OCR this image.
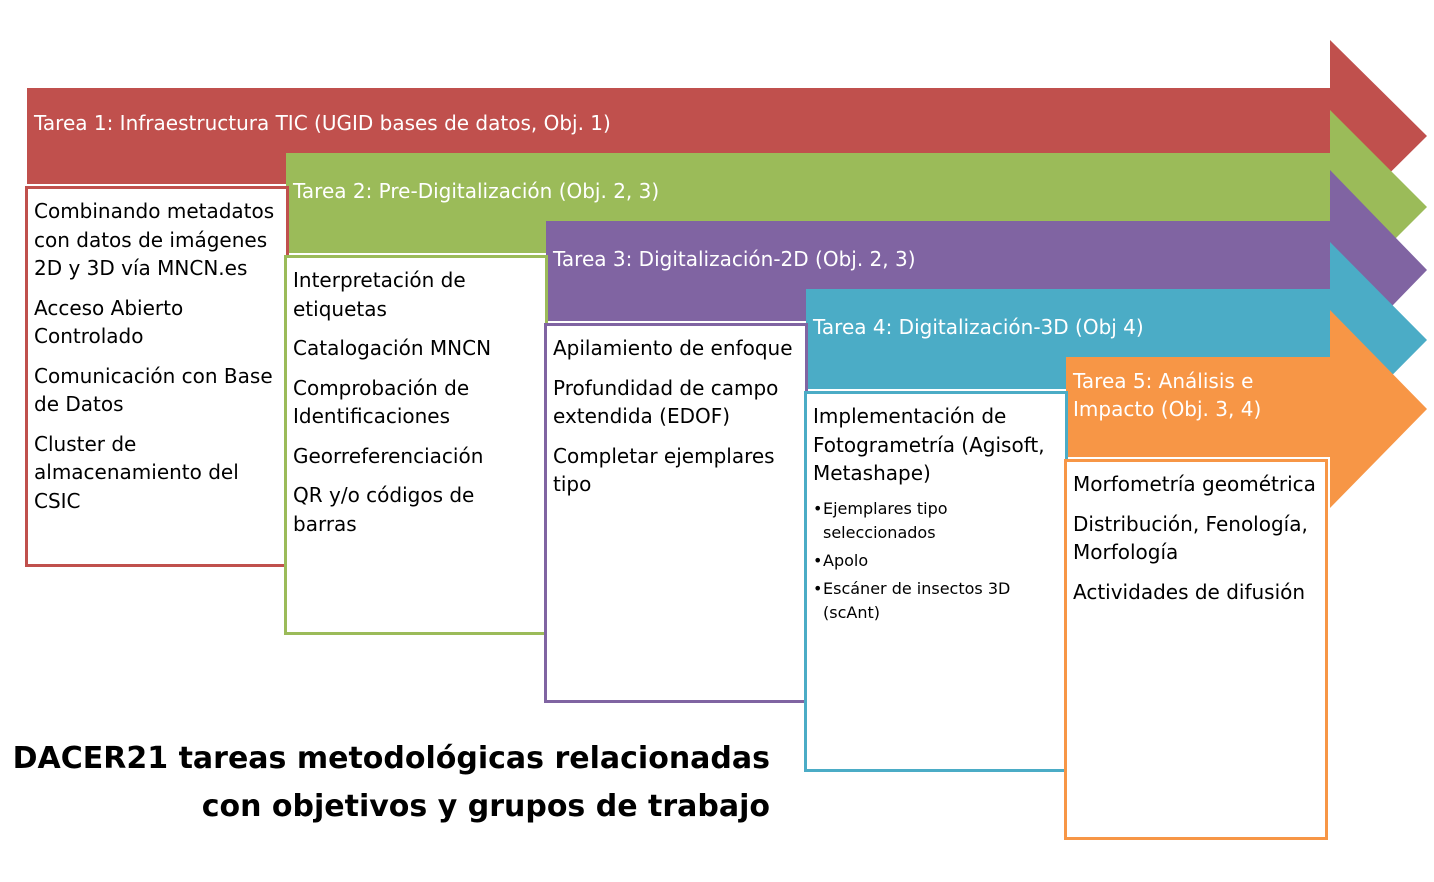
Tarea 1: Infraestructura TIC (UGID bases de datos, Obj. 1)
Tarea 2: Pre-Digitalización (Obj. 2, 3)
Tarea 3: Digitalización-2D (Obj. 2, 3)
Tarea 4: Digitalización-3D (Obj 4)
Tarea 5: Análisis e Impacto (Obj. 3, 4)
Combinando metadatos con datos de imágenes 2D y 3D vía MNCN.es
Acceso Abierto Controlado
Comunicación con Base de Datos
Cluster de almacenamiento del CSIC
Interpretación de etiquetas
Catalogación MNCN
Comprobación de Identificaciones
Georreferenciación
QR y/o códigos de barras
Apilamiento de enfoque
Profundidad de campo extendida (EDOF)
Completar ejemplares tipo
Implementación de Fotogrametría (Agisoft, Metashape)
• Ejemplares tipo seleccionados
• Apolo
• Escáner de insectos 3D (scAnt)
Morfometría geométrica
Distribución, Fenología, Morfología
Actividades de difusión
DACER21 tareas metodológicas relacionadas
con objetivos y grupos de trabajo
